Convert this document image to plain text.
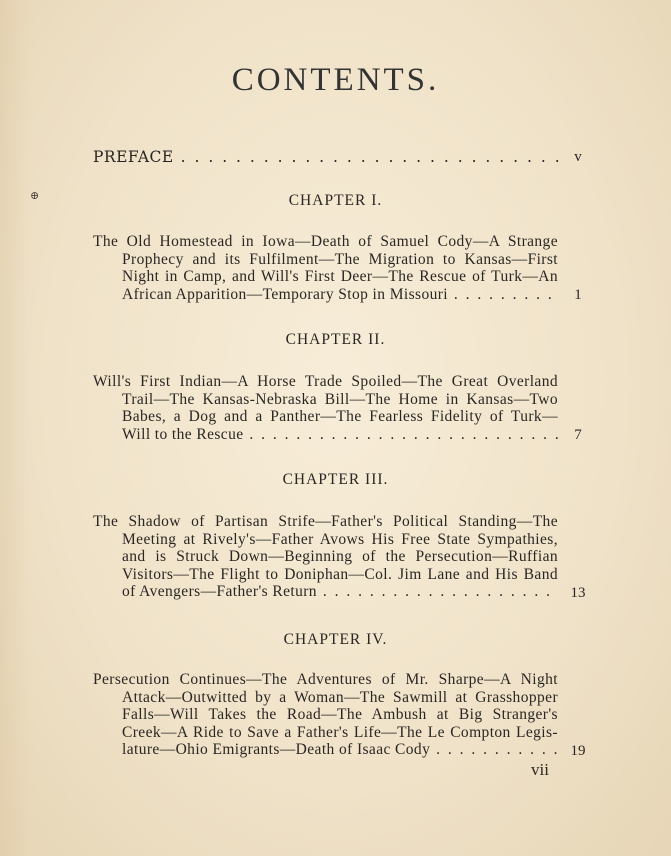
⊕
CONTENTS.
PREFACE . . .	v
CHAPTER I.
The Old Homestead in Iowa—Death of Samuel Cody—A Strange
Prophecy and its Fulfilment—The Migration to Kansas—First
Night in Camp, and Will's First Deer—The Rescue of Turk—An
African Apparition—Temporary Stop in Missouri . . .	1
CHAPTER II.
Will's First Indian—A Horse Trade Spoiled—The Great Overland
Trail—The Kansas-Nebraska Bill—The Home in Kansas—Two
Babes, a Dog and a Panther—The Fearless Fidelity of Turk—
Will to the Rescue . . .	7
CHAPTER III.
The Shadow of Partisan Strife—Father's Political Standing—The
Meeting at Rively's—Father Avows His Free State Sympathies,
and is Struck Down—Beginning of the Persecution—Ruffian
Visitors—The Flight to Doniphan—Col. Jim Lane and His Band
of Avengers—Father's Return . . .	13
CHAPTER IV.
Persecution Continues—The Adventures of Mr. Sharpe—A Night
Attack—Outwitted by a Woman—The Sawmill at Grasshopper
Falls—Will Takes the Road—The Ambush at Big Stranger's
Creek—A Ride to Save a Father's Life—The Le Compton Legis-
lature—Ohio Emigrants—Death of Isaac Cody . . .	19
vii
